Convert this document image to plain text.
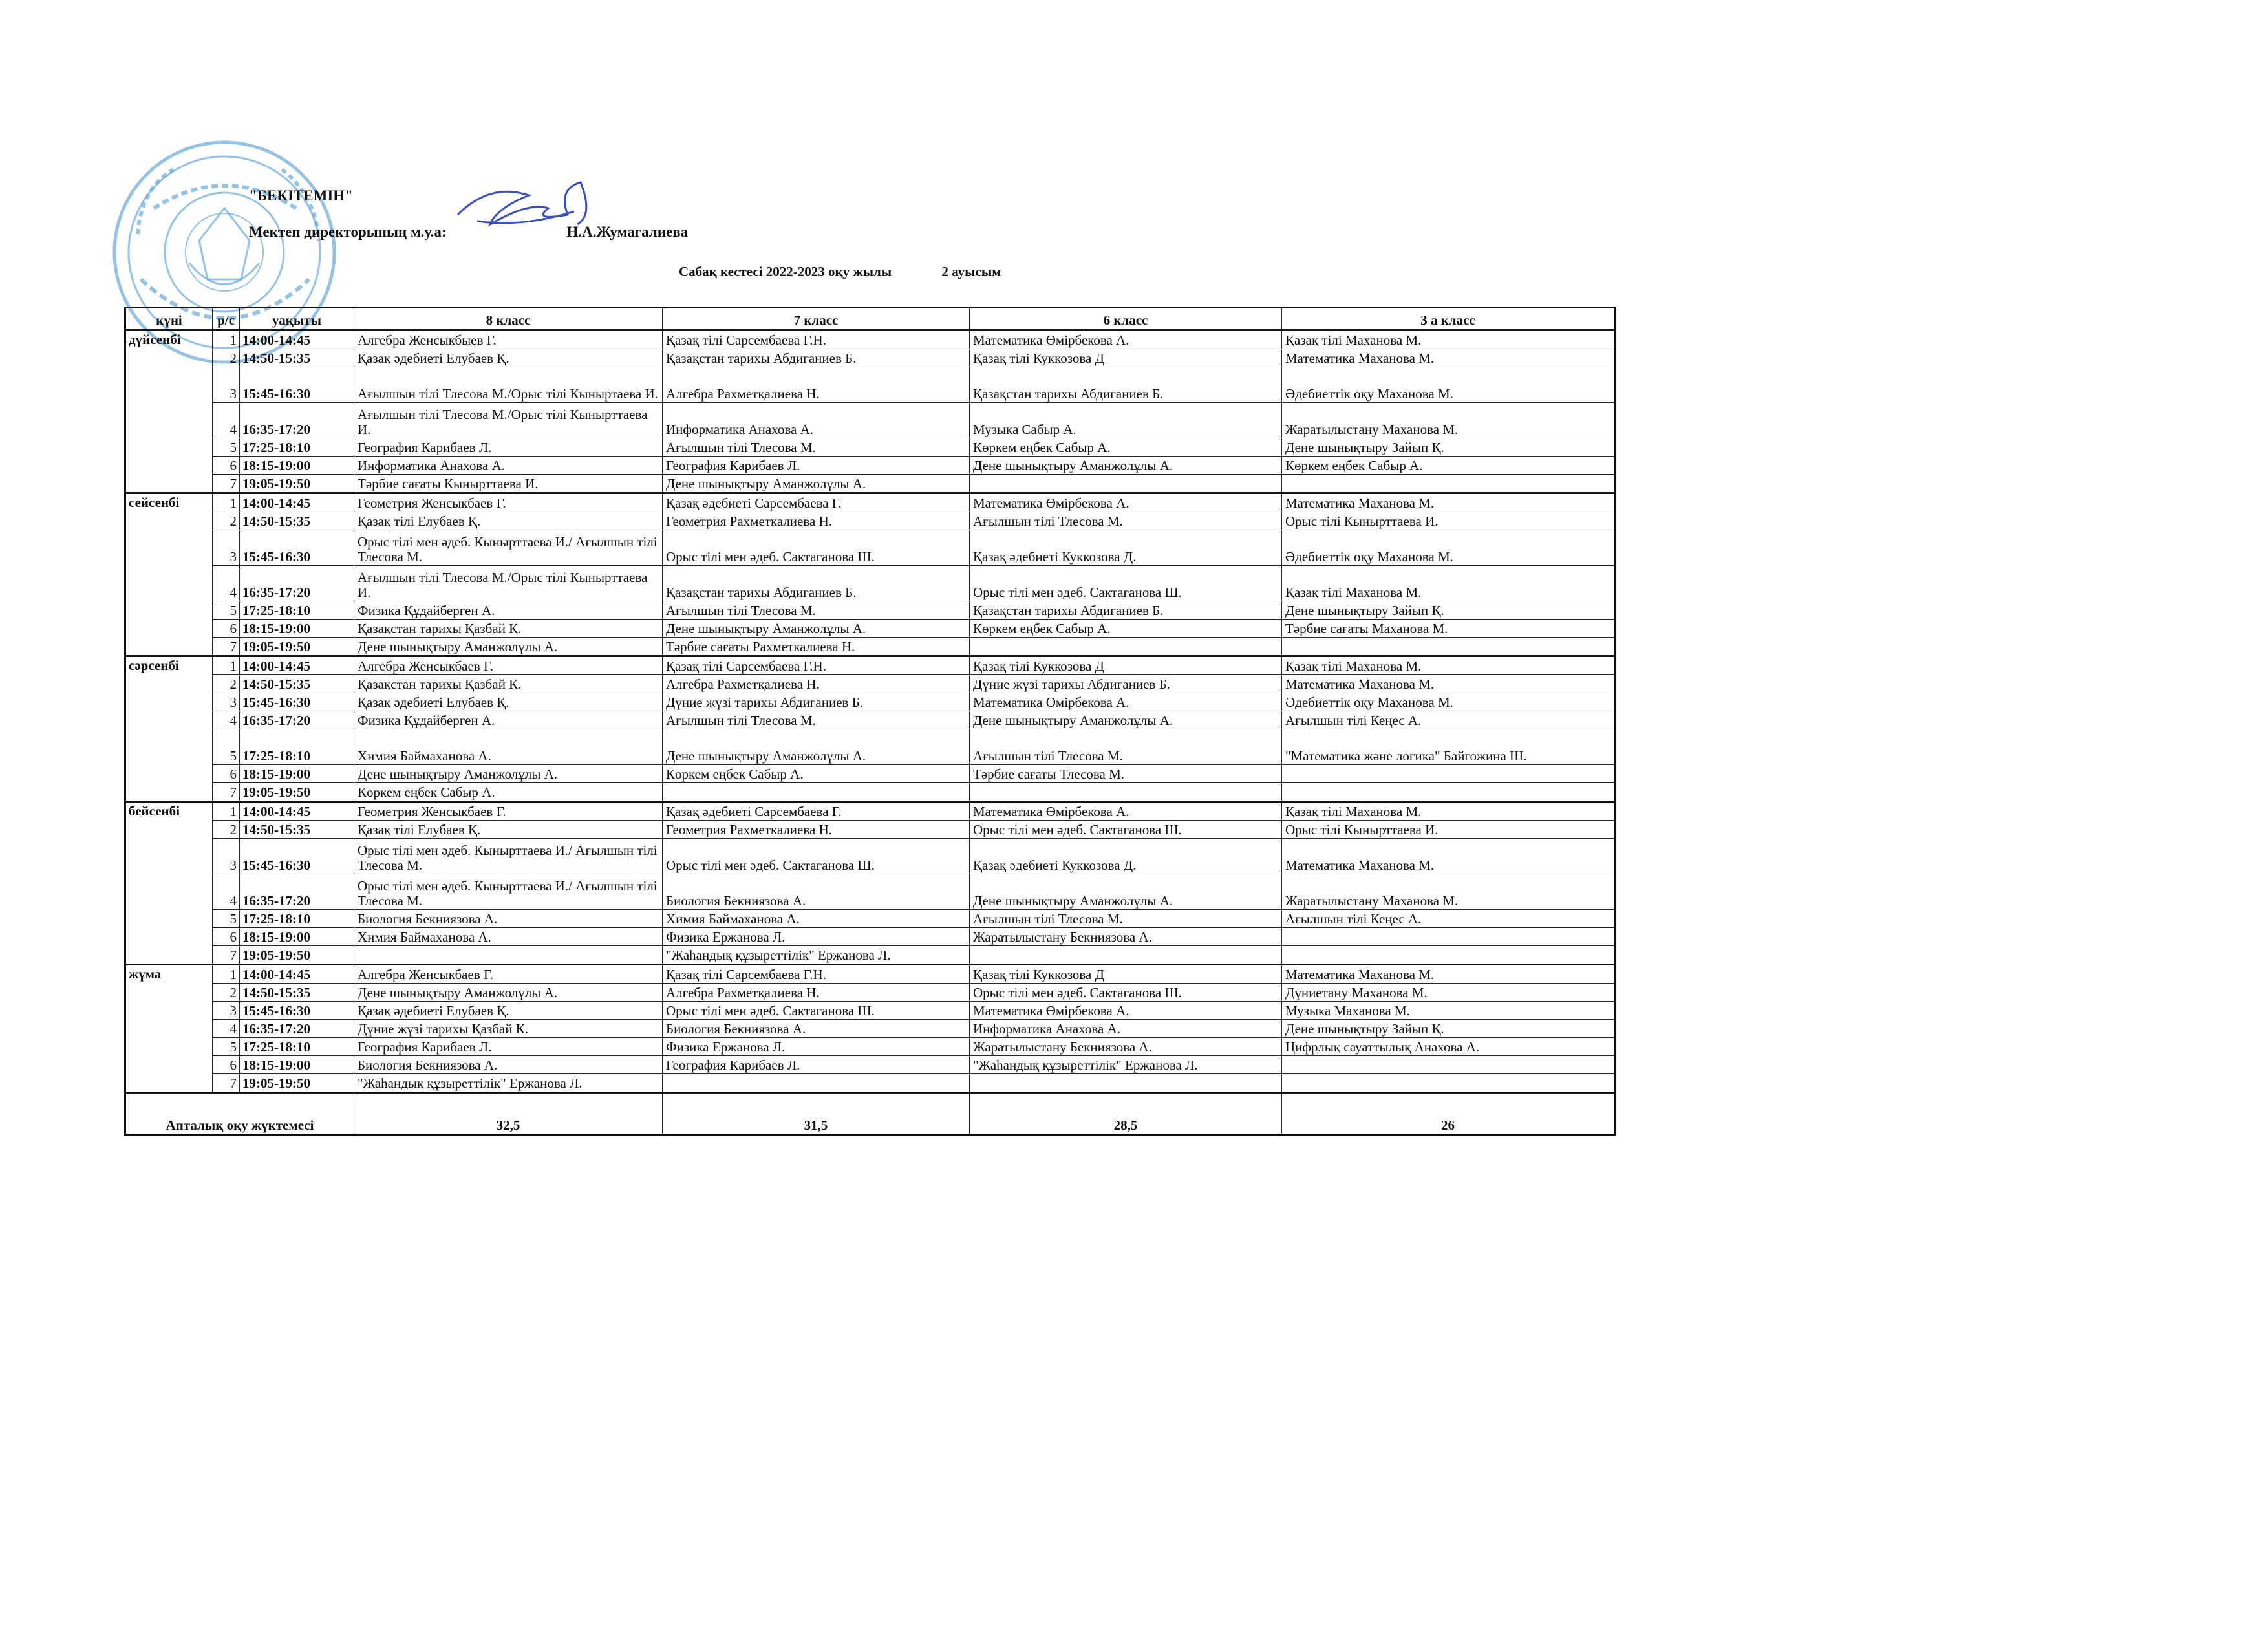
"БЕКІТЕМІН"
Мектеп директорының м.у.а:	Н.А.Жумагалиева
Сабақ кестесі 2022-2023 оқу жылы	2 ауысым
күні	р/с	уақыты	8 класс	7 класс	6 класс	3 а класс
дүйсенбі	1	14:00-14:45	Алгебра Женсыкбыев Г.	Қазақ тілі Сарсембаева Г.Н.	Математика Өмірбекова А.	Қазақ тілі Маханова М.
	2	14:50-15:35	Қазақ әдебиеті Елубаев Қ.	Қазақстан тарихы Абдиганиев Б.	Қазақ тілі Куккозова Д	Математика Маханова М.
	3	15:45-16:30	Ағылшын тілі Тлесова М./Орыс тілі Кыныртаева И.	Алгебра Рахметқалиева Н.	Қазақстан тарихы Абдиганиев Б.	Әдебиеттік оқу Маханова М.
	4	16:35-17:20	Ағылшын тілі Тлесова М./Орыс тілі Кынырттаева И.	Информатика Анахова А.	Музыка Сабыр А.	Жаратылыстану Маханова М.
	5	17:25-18:10	География Карибаев Л.	Ағылшын тілі Тлесова М.	Көркем еңбек Сабыр А.	Дене шынықтыру Зайып Қ.
	6	18:15-19:00	Информатика Анахова А.	География Карибаев Л.	Дене шынықтыру Аманжолұлы А.	Көркем еңбек Сабыр А.
	7	19:05-19:50	Тәрбие сағаты Кынырттаева И.	Дене шынықтыру Аманжолұлы А.		
сейсенбі	1	14:00-14:45	Геометрия Женсыкбаев Г.	Қазақ әдебиеті Сарсембаева Г.	Математика Өмірбекова А.	Математика Маханова М.
	2	14:50-15:35	Қазақ тілі Елубаев Қ.	Геометрия Рахметкалиева Н.	Ағылшын тілі Тлесова М.	Орыс тілі Кынырттаева И.
	3	15:45-16:30	Орыс тілі мен әдеб. Кынырттаева И./ Ағылшын тілі Тлесова М.	Орыс тілі мен әдеб. Сактаганова Ш.	Қазақ әдебиеті Куккозова Д.	Әдебиеттік оқу Маханова М.
	4	16:35-17:20	Ағылшын тілі Тлесова М./Орыс тілі Кынырттаева И.	Қазақстан тарихы Абдиганиев Б.	Орыс тілі мен әдеб. Сактаганова Ш.	Қазақ тілі Маханова М.
	5	17:25-18:10	Физика Құдайберген А.	Ағылшын тілі Тлесова М.	Қазақстан тарихы Абдиганиев Б.	Дене шынықтыру Зайып Қ.
	6	18:15-19:00	Қазақстан тарихы Қазбай К.	Дене шынықтыру Аманжолұлы А.	Көркем еңбек Сабыр А.	Тәрбие сағаты Маханова М.
	7	19:05-19:50	Дене шынықтыру Аманжолұлы А.	Тәрбие сағаты Рахметкалиева Н.		
сәрсенбі	1	14:00-14:45	Алгебра Женсыкбаев Г.	Қазақ тілі Сарсембаева Г.Н.	Қазақ тілі Куккозова Д	Қазақ тілі Маханова М.
	2	14:50-15:35	Қазақстан тарихы Қазбай К.	Алгебра Рахметқалиева Н.	Дүние жүзі тарихы Абдиганиев Б.	Математика Маханова М.
	3	15:45-16:30	Қазақ әдебиеті Елубаев Қ.	Дүние жүзі тарихы Абдиганиев Б.	Математика Өмірбекова А.	Әдебиеттік оқу Маханова М.
	4	16:35-17:20	Физика Құдайберген А.	Ағылшын тілі Тлесова М.	Дене шынықтыру Аманжолұлы А.	Ағылшын тілі Кеңес А.
	5	17:25-18:10	Химия Баймаханова А.	Дене шынықтыру Аманжолұлы А.	Ағылшын тілі Тлесова М.	"Математика және логика" Байгожина Ш.
	6	18:15-19:00	Дене шынықтыру Аманжолұлы А.	Көркем еңбек Сабыр А.	Тәрбие сағаты Тлесова М.	
	7	19:05-19:50	Көркем еңбек Сабыр А.			
бейсенбі	1	14:00-14:45	Геометрия Женсыкбаев Г.	Қазақ әдебиеті Сарсембаева Г.	Математика Өмірбекова А.	Қазақ тілі Маханова М.
	2	14:50-15:35	Қазақ тілі Елубаев Қ.	Геометрия Рахметкалиева Н.	Орыс тілі мен әдеб. Сактаганова Ш.	Орыс тілі Кынырттаева И.
	3	15:45-16:30	Орыс тілі мен әдеб. Кынырттаева И./ Ағылшын тілі Тлесова М.	Орыс тілі мен әдеб. Сактаганова Ш.	Қазақ әдебиеті Куккозова Д.	Математика Маханова М.
	4	16:35-17:20	Орыс тілі мен әдеб. Кынырттаева И./ Ағылшын тілі Тлесова М.	Биология Бекниязова А.	Дене шынықтыру Аманжолұлы А.	Жаратылыстану Маханова М.
	5	17:25-18:10	Биология Бекниязова А.	Химия Баймаханова А.	Ағылшын тілі Тлесова М.	Ағылшын тілі Кеңес А.
	6	18:15-19:00	Химия Баймаханова А.	Физика Ержанова Л.	Жаратылыстану Бекниязова А.	
	7	19:05-19:50		"Жаһандық құзыреттілік" Ержанова Л.		
жұма	1	14:00-14:45	Алгебра Женсыкбаев Г.	Қазақ тілі Сарсембаева Г.Н.	Қазақ тілі Куккозова Д	Математика Маханова М.
	2	14:50-15:35	Дене шынықтыру Аманжолұлы А.	Алгебра Рахметқалиева Н.	Орыс тілі мен әдеб. Сактаганова Ш.	Дүниетану Маханова М.
	3	15:45-16:30	Қазақ әдебиеті Елубаев Қ.	Орыс тілі мен әдеб. Сактаганова Ш.	Математика Өмірбекова А.	Музыка Маханова М.
	4	16:35-17:20	Дүние жүзі тарихы Қазбай К.	Биология Бекниязова А.	Информатика Анахова А.	Дене шынықтыру Зайып Қ.
	5	17:25-18:10	География Карибаев Л.	Физика Ержанова Л.	Жаратылыстану Бекниязова А.	Цифрлық сауаттылық Анахова А.
	6	18:15-19:00	Биология Бекниязова А.	География Карибаев Л.	"Жаһандық құзыреттілік" Ержанова Л.	
	7	19:05-19:50	"Жаһандық құзыреттілік" Ержанова Л.			
Апталық оқу жүктемесі			32,5	31,5	28,5	26
